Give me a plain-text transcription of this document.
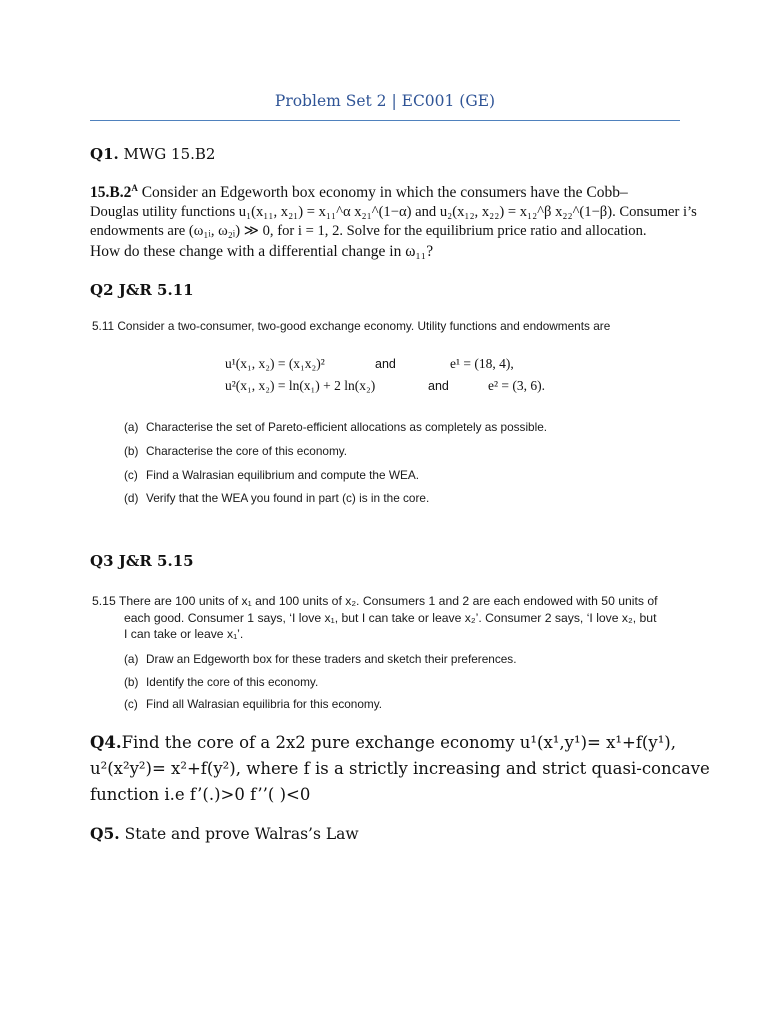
Problem Set 2 | EC001 (GE)
Q1. MWG 15.B2
$15.B.2^A$ Consider an Edgeworth box economy in which the consumers have the Cobb–
Douglas utility functions u₁(x₁₁, x₂₁) = x₁₁^α x₂₁^(1−α) and u₂(x₁₂, x₂₂) = x₁₂^β x₂₂^(1−β). Consumer i’s
endowments are (ω₁ᵢ, ω₂ᵢ) ≫ 0, for i = 1, 2. Solve for the equilibrium price ratio and allocation.
How do these change with a differential change in ω₁₁?
Q2 J&R 5.11
5.11 Consider a two-consumer, two-good exchange economy. Utility functions and endowments are
u¹(x₁, x₂) = (x₁x₂)²	and	e¹ = (18, 4),
u²(x₁, x₂) = ln(x₁) + 2 ln(x₂)	and	e² = (3, 6).
(a) Characterise the set of Pareto-efficient allocations as completely as possible.
(b) Characterise the core of this economy.
(c) Find a Walrasian equilibrium and compute the WEA.
(d) Verify that the WEA you found in part (c) is in the core.
Q3 J&R 5.15
5.15 There are 100 units of x₁ and 100 units of x₂. Consumers 1 and 2 are each endowed with 50 units of
each good. Consumer 1 says, ‘I love x₁, but I can take or leave x₂’. Consumer 2 says, ‘I love x₂, but
I can take or leave x₁’.
(a) Draw an Edgeworth box for these traders and sketch their preferences.
(b) Identify the core of this economy.
(c) Find all Walrasian equilibria for this economy.
Q4.Find the core of a 2x2 pure exchange economy u¹(x¹,y¹)= x¹+f(y¹),
u²(x²y²)= x²+f(y²), where f is a strictly increasing and strict quasi-concave
function i.e f’(.)>0 f’’( )<0
Q5. State and prove Walras’s Law
